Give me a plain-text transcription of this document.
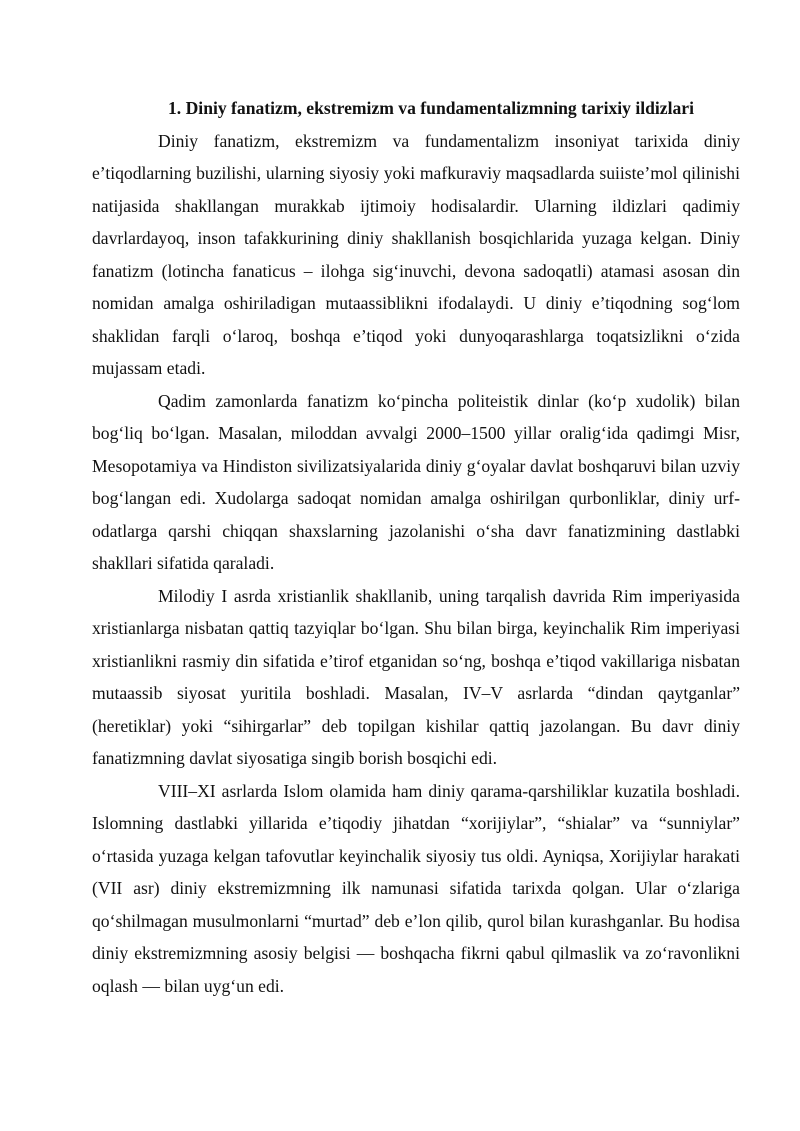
1. Diniy fanatizm, ekstremizm va fundamentalizmning tarixiy ildizlari

Diniy fanatizm, ekstremizm va fundamentalizm insoniyat tarixida diniy e’tiqodlarning buzilishi, ularning siyosiy yoki mafkuraviy maqsadlarda suiiste’mol qilinishi natijasida shakllangan murakkab ijtimoiy hodisalardir. Ularning ildizlari qadimiy davrlardayoq, inson tafakkurining diniy shakllanish bosqichlarida yuzaga kelgan. Diniy fanatizm (lotincha fanaticus – ilohga sig‘inuvchi, devona sadoqatli) atamasi asosan din nomidan amalga oshiriladigan mutaassiblikni ifodalaydi. U diniy e’tiqodning sog‘lom shaklidan farqli o‘laroq, boshqa e’tiqod yoki dunyoqarashlarga toqatsizlikni o‘zida mujassam etadi.

Qadim zamonlarda fanatizm ko‘pincha politeistik dinlar (ko‘p xudolik) bilan bog‘liq bo‘lgan. Masalan, miloddan avvalgi 2000–1500 yillar oralig‘ida qadimgi Misr, Mesopotamiya va Hindiston sivilizatsiyalarida diniy g‘oyalar davlat boshqaruvi bilan uzviy bog‘langan edi. Xudolarga sadoqat nomidan amalga oshirilgan qurbonliklar, diniy urf-odatlarga qarshi chiqqan shaxslarning jazolanishi o‘sha davr fanatizmining dastlabki shakllari sifatida qaraladi.

Milodiy I asrda xristianlik shakllanib, uning tarqalish davrida Rim imperiyasida xristianlarga nisbatan qattiq tazyiqlar bo‘lgan. Shu bilan birga, keyinchalik Rim imperiyasi xristianlikni rasmiy din sifatida e’tirof etganidan so‘ng, boshqa e’tiqod vakillariga nisbatan mutaassib siyosat yuritila boshladi. Masalan, IV–V asrlarda “dindan qaytganlar” (heretiklar) yoki “sihirgarlar” deb topilgan kishilar qattiq jazolangan. Bu davr diniy fanatizmning davlat siyosatiga singib borish bosqichi edi.

VIII–XI asrlarda Islom olamida ham diniy qarama-qarshiliklar kuzatila boshladi. Islomning dastlabki yillarida e’tiqodiy jihatdan “xorijiylar”, “shialar” va “sunniylar” o‘rtasida yuzaga kelgan tafovutlar keyinchalik siyosiy tus oldi. Ayniqsa, Xorijiylar harakati (VII asr) diniy ekstremizmning ilk namunasi sifatida tarixda qolgan. Ular o‘zlariga qo‘shilmagan musulmonlarni “murtad” deb e’lon qilib, qurol bilan kurashganlar. Bu hodisa diniy ekstremizmning asosiy belgisi — boshqacha fikrni qabul qilmaslik va zo‘ravonlikni oqlash — bilan uyg‘un edi.
